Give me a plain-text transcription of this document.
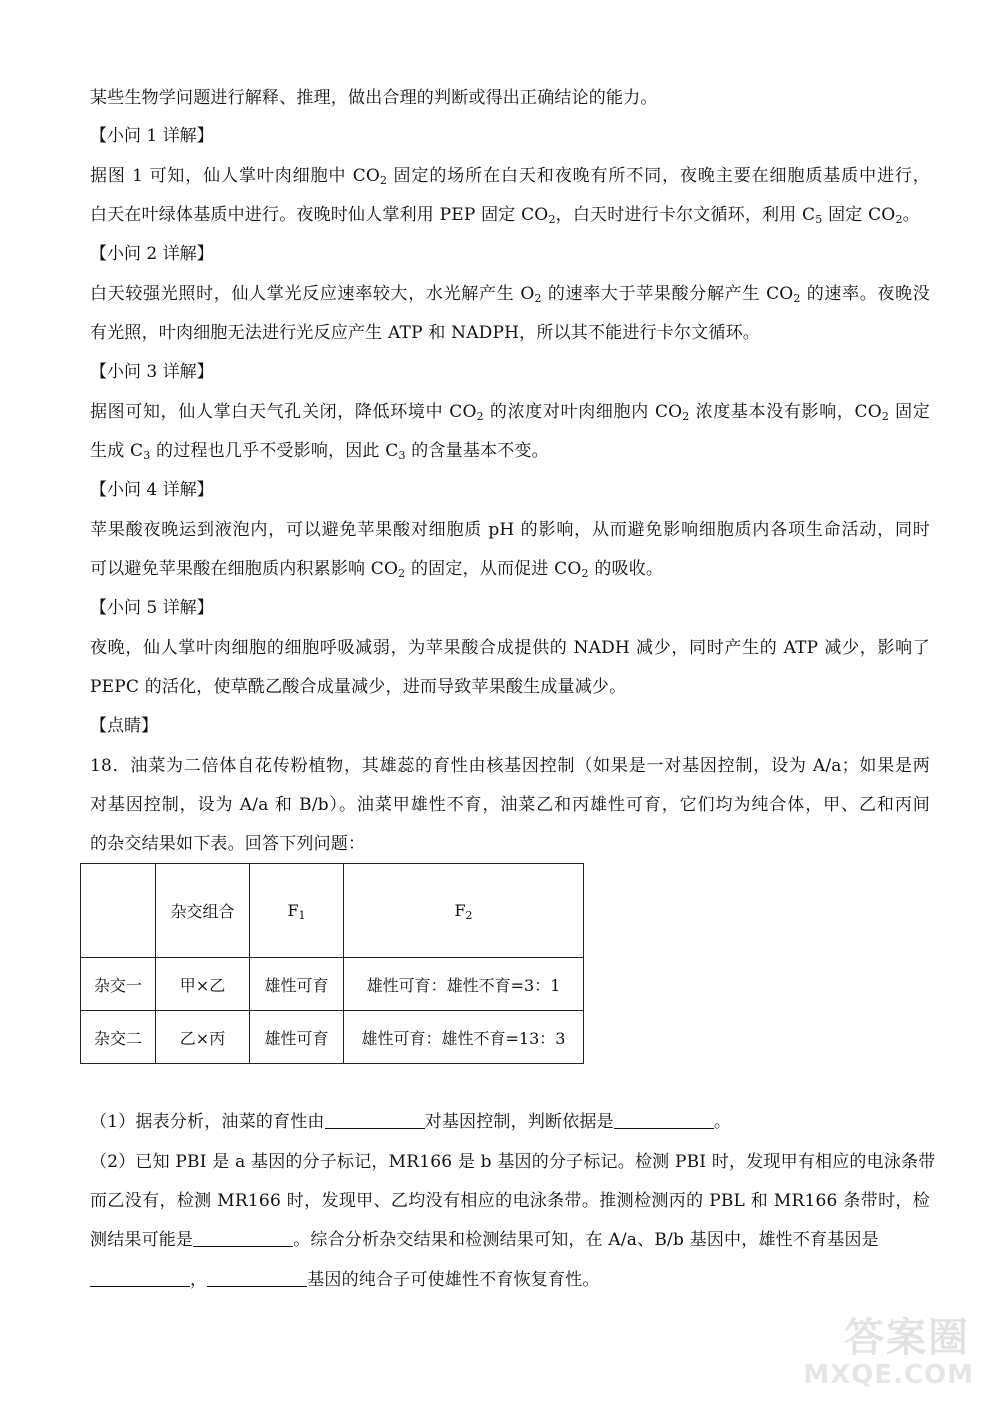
某些生物学问题进行解释、推理，做出合理的判断或得出正确结论的能力。
【小问 1 详解】
据图 1 可知，仙人掌叶肉细胞中 $CO_2$ 固定的场所在白天和夜晚有所不同，夜晚主要在细胞质基质中进行，
白天在叶绿体基质中进行。夜晚时仙人掌利用 PEP 固定 $CO_2$，白天时进行卡尔文循环，利用 $C_5$ 固定 $CO_2$。
【小问 2 详解】
白天较强光照时，仙人掌光反应速率较大，水光解产生 $O_2$ 的速率大于苹果酸分解产生 $CO_2$ 的速率。夜晚没
有光照，叶肉细胞无法进行光反应产生 ATP 和 NADPH，所以其不能进行卡尔文循环。
【小问 3 详解】
据图可知，仙人掌白天气孔关闭，降低环境中 $CO_2$ 的浓度对叶肉细胞内 $CO_2$ 浓度基本没有影响，$CO_2$ 固定
生成 $C_3$ 的过程也几乎不受影响，因此 $C_3$ 的含量基本不变。
【小问 4 详解】
苹果酸夜晚运到液泡内，可以避免苹果酸对细胞质 pH 的影响，从而避免影响细胞质内各项生命活动，同时
可以避免苹果酸在细胞质内积累影响 $CO_2$ 的固定，从而促进 $CO_2$ 的吸收。
【小问 5 详解】
夜晚，仙人掌叶肉细胞的细胞呼吸减弱，为苹果酸合成提供的 NADH 减少，同时产生的 ATP 减少，影响了
PEPC 的活化，使草酰乙酸合成量减少，进而导致苹果酸生成量减少。
【点睛】
18．油菜为二倍体自花传粉植物，其雄蕊的育性由核基因控制（如果是一对基因控制，设为 A/a；如果是两
对基因控制，设为 A/a 和 B/b）。油菜甲雄性不育，油菜乙和丙雄性可育，它们均为纯合体，甲、乙和丙间
的杂交结果如下表。回答下列问题：
	杂交组合	$F_1$	$F_2$
杂交一	甲×乙	雄性可育	雄性可育：雄性不育=3：1
杂交二	乙×丙	雄性可育	雄性可育：雄性不育=13：3
（1）据表分析，油菜的育性由	对基因控制，判断依据是	。
（2）已知 PBI 是 a 基因的分子标记，MR166 是 b 基因的分子标记。检测 PBI 时，发现甲有相应的电泳条带
而乙没有，检测 MR166 时，发现甲、乙均没有相应的电泳条带。推测检测丙的 PBL 和 MR166 条带时，检
测结果可能是	。综合分析杂交结果和检测结果可知，在 A/a、B/b 基因中，雄性不育基因是
，	基因的纯合子可使雄性不育恢复育性。
答案圈
MXQE.COM
